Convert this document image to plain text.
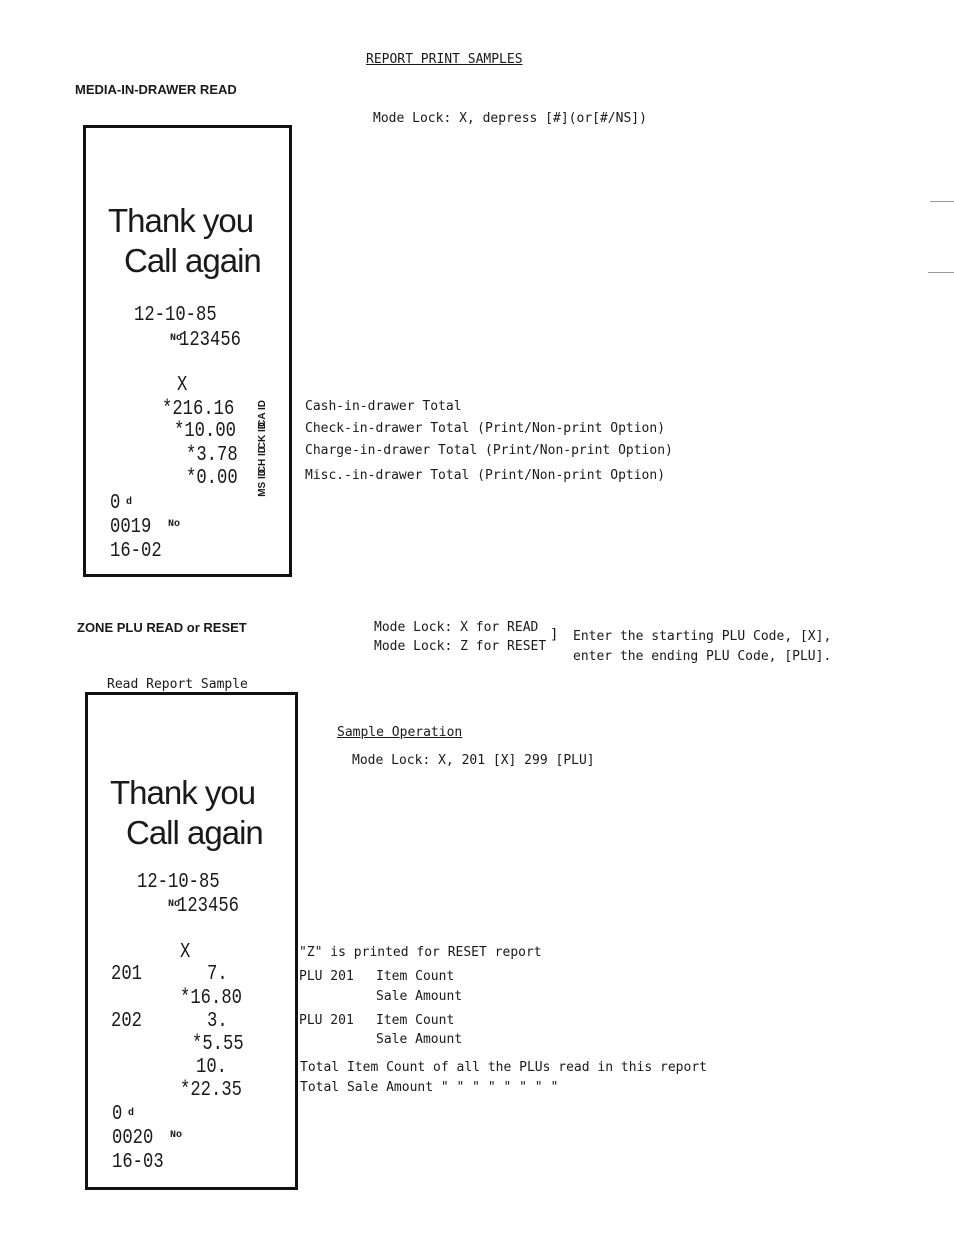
REPORT PRINT SAMPLES
MEDIA-IN-DRAWER READ
Mode Lock: X, depress [#](or[#/NS])
Thank you
Call again
12-10-85
No
123456
X
*216.16
*10.00
*3.78
*0.00
CA ID
CK ID
CH ID
MS ID
0 d
0019 No
16-02
Cash-in-drawer Total
Check-in-drawer Total (Print/Non-print Option)
Charge-in-drawer Total (Print/Non-print Option)
Misc.-in-drawer Total (Print/Non-print Option)
ZONE PLU READ or RESET	Mode Lock: X for READ
Mode Lock: Z for RESET
] Enter the starting PLU Code, [X],
enter the ending PLU Code, [PLU].
Read Report Sample
Thank you
Call again
12-10-85
No
123456
X
201	7.
*16.80
202	3.
*5.55
10.
*22.35
0 d
0020 No
16-03
Sample Operation
Mode Lock: X, 201 [X] 299 [PLU]
"Z" is printed for RESET report
PLU 201 Item Count
Sale Amount
PLU 201 Item Count
Sale Amount
Total Item Count of all the PLUs read in this report
Total Sale Amount " " " " " " " "
